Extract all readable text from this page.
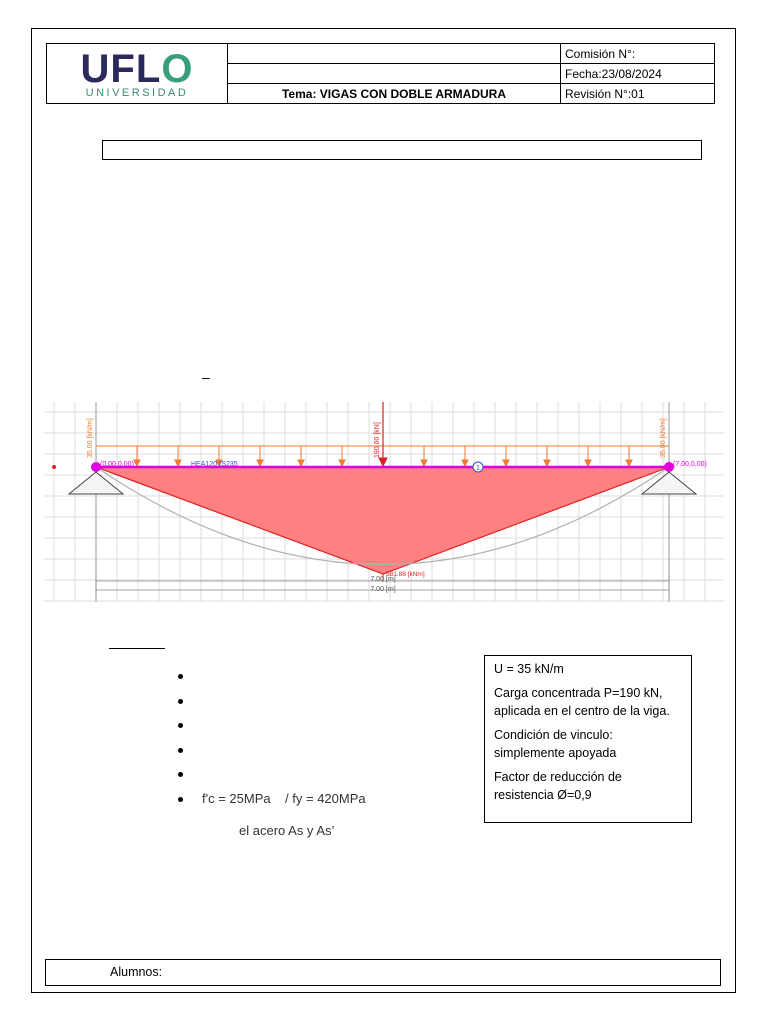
UFLO
UNIVERSIDAD		Comisión N°:
		Fecha:23/08/2024
	Tema: VIGAS CON DOBLE ARMADURA	Revisión N°:01
–
1
35.00 [kN/m]	35.00 [kN/m]
190.00 [kN]
HEA120 (S235
(0.00,0.00)	(7.00,0.00)
581.88 [kNm]
7.00 [m]
7.00 [m]
f'c = 25MPa    / fy = 420MPa
el acero As y As’

U = 35 kN/m

Carga concentrada P=190 kN, aplicada en el centro de la viga.

Condición de vinculo: simplemente apoyada

Factor de reducción de resistencia Ø=0,9

Alumnos:
